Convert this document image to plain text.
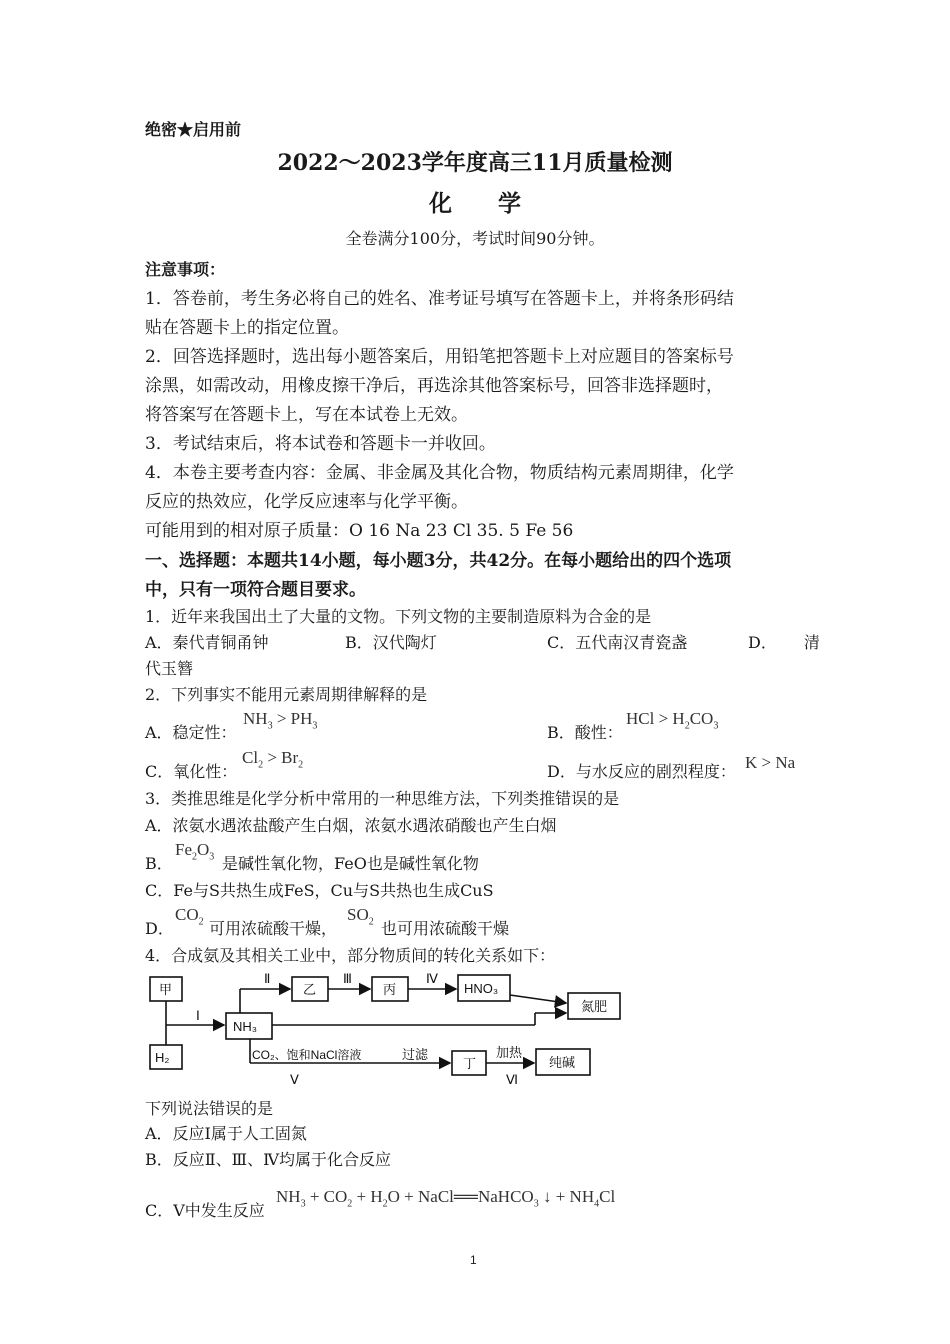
绝密★启用前
2022～2023学年度高三11月质量检测
化 学
全卷满分100分，考试时间90分钟。
注意事项：
1．答卷前，考生务必将自己的姓名、准考证号填写在答题卡上，并将条形码结
贴在答题卡上的指定位置。
2．回答选择题时，选出每小题答案后，用铅笔把答题卡上对应题目的答案标号
涂黑，如需改动，用橡皮擦干净后，再选涂其他答案标号，回答非选择题时，
将答案写在答题卡上，写在本试卷上无效。
3．考试结束后，将本试卷和答题卡一并收回。
4．本卷主要考查内容：金属、非金属及其化合物，物质结构元素周期律，化学
反应的热效应，化学反应速率与化学平衡。
可能用到的相对原子质量：O 16 Na 23 Cl 35. 5 Fe 56
一、选择题：本题共14小题，每小题3分，共42分。在每小题给出的四个选项
中，只有一项符合题目要求。
1．近年来我国出土了大量的文物。下列文物的主要制造原料为合金的是
A．秦代青铜甬钟	B．汉代陶灯	C．五代南汉青瓷盏	D． 清
代玉簪
2．下列事实不能用元素周期律解释的是
A．稳定性：
$NH_3 > PH_3$	B．酸性：
HCl > $H_2CO_3$
C．氧化性：
$Cl_2 > Br_2$	D．与水反应的剧烈程度： K > Na
3．类推思维是化学分析中常用的一种思维方法，下列类推错误的是
A．浓氨水遇浓盐酸产生白烟，浓氨水遇浓硝酸也产生白烟
B．
$Fe_2O_3$ 是碱性氧化物，FeO也是碱性氧化物
C．Fe与S共热生成FeS，Cu与S共热也生成CuS
D．
$CO_2$ 可用浓硫酸干燥，
$SO_2$ 也可用浓硫酸干燥
4．合成氨及其相关工业中，部分物质间的转化关系如下：
甲
H₂
NH₃
乙	丙	HNO₃
氮肥
丁	纯碱
Ⅰ
Ⅱ	Ⅲ	Ⅳ
CO₂、饱和NaCl溶液
Ⅴ
过滤	加热
Ⅵ
下列说法错误的是
A．反应Ⅰ属于人工固氮
B．反应Ⅱ、Ⅲ、Ⅳ均属于化合反应
C．Ⅴ中发生反应
$NH_3 + CO_2 + H_2O$ + NaCl══NaHCO$_3$ ↓ + $NH_4Cl$
1
